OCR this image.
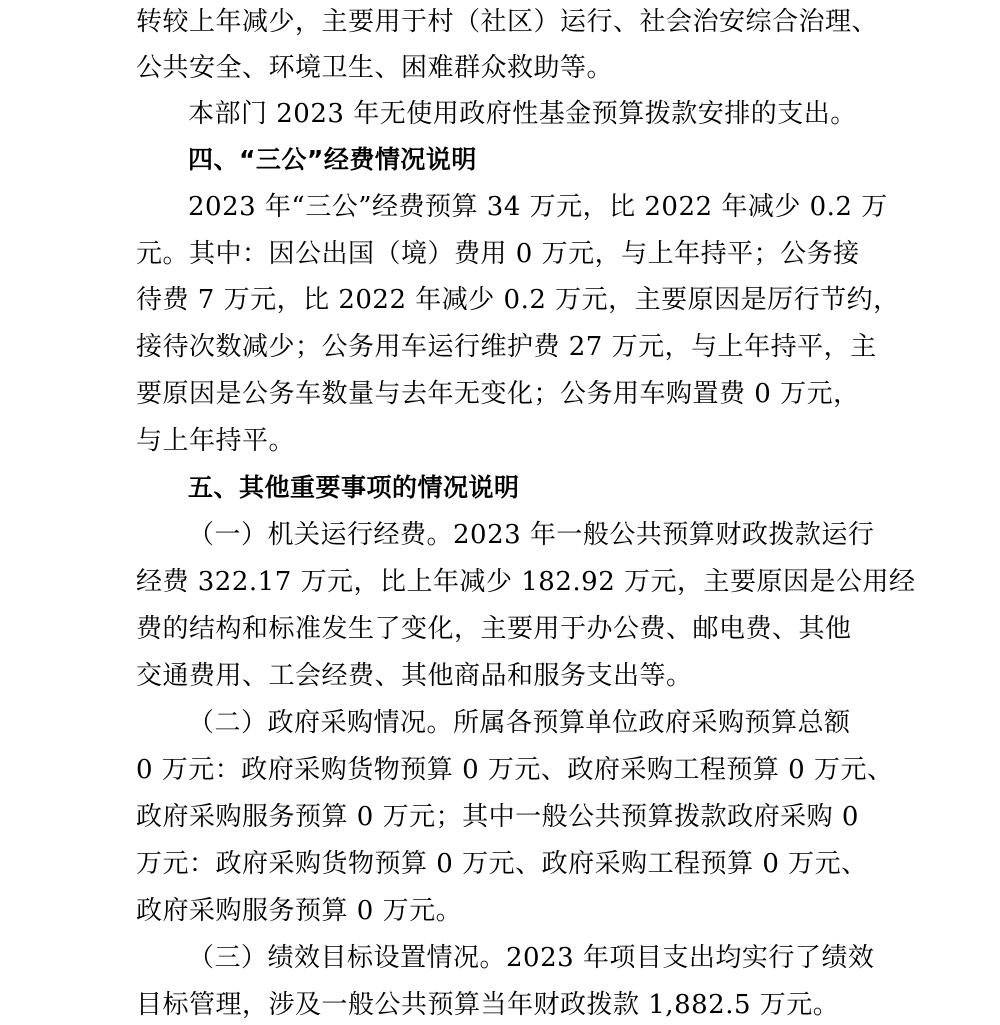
转较上年减少，主要用于村（社区）运行、社会治安综合治理、
公共安全、环境卫生、困难群众救助等。
本部门 2023 年无使用政府性基金预算拨款安排的支出。
四、“三公”经费情况说明
2023 年“三公”经费预算 34 万元，比 2022 年减少 0.2 万
元。其中：因公出国（境）费用 0 万元，与上年持平；公务接
待费 7 万元，比 2022 年减少 0.2 万元，主要原因是厉行节约，
接待次数减少；公务用车运行维护费 27 万元，与上年持平，主
要原因是公务车数量与去年无变化；公务用车购置费 0 万元，
与上年持平。
五、其他重要事项的情况说明
（一）机关运行经费。2023 年一般公共预算财政拨款运行
经费 322.17 万元，比上年减少 182.92 万元，主要原因是公用经
费的结构和标准发生了变化，主要用于办公费、邮电费、其他
交通费用、工会经费、其他商品和服务支出等。
（二）政府采购情况。所属各预算单位政府采购预算总额
0 万元：政府采购货物预算 0 万元、政府采购工程预算 0 万元、
政府采购服务预算 0 万元；其中一般公共预算拨款政府采购 0
万元：政府采购货物预算 0 万元、政府采购工程预算 0 万元、
政府采购服务预算 0 万元。
（三）绩效目标设置情况。2023 年项目支出均实行了绩效
目标管理，涉及一般公共预算当年财政拨款 1,882.5 万元。
